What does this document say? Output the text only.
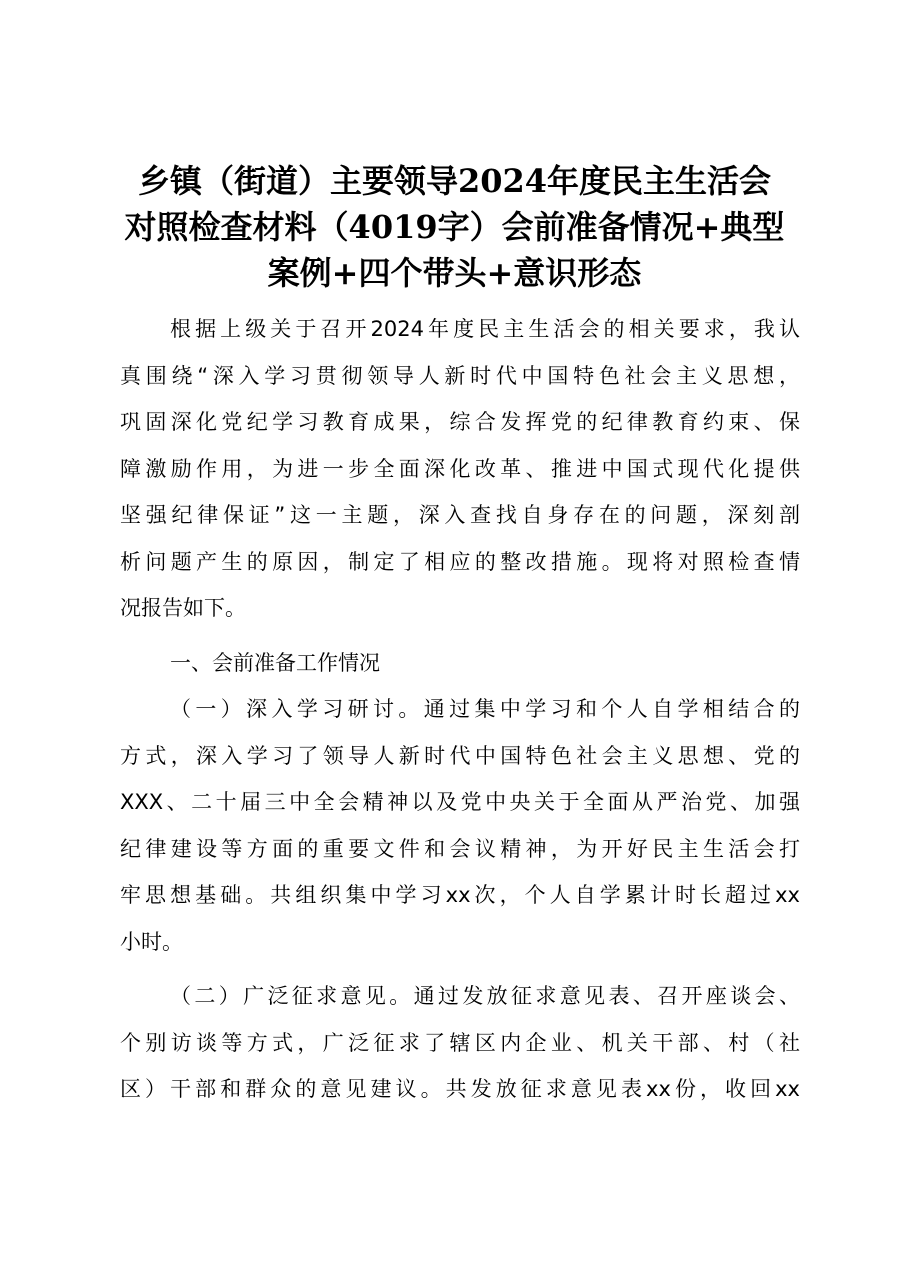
乡镇（街道）主要领导2024年度民主生活会
对照检查材料（4019字）会前准备情况+典型
案例+四个带头+意识形态

根据上级关于召开2024年度民主生活会的相关要求，我认
真围绕“深入学习贯彻领导人新时代中国特色社会主义思想，
巩固深化党纪学习教育成果，综合发挥党的纪律教育约束、保
障激励作用，为进一步全面深化改革、推进中国式现代化提供
坚强纪律保证”这一主题，深入查找自身存在的问题，深刻剖
析问题产生的原因，制定了相应的整改措施。现将对照检查情
况报告如下。

一、会前准备工作情况

（一）深入学习研讨。通过集中学习和个人自学相结合的
方式，深入学习了领导人新时代中国特色社会主义思想、党的
XXX、二十届三中全会精神以及党中央关于全面从严治党、加强
纪律建设等方面的重要文件和会议精神，为开好民主生活会打
牢思想基础。共组织集中学习xx次，个人自学累计时长超过xx
小时。

（二）广泛征求意见。通过发放征求意见表、召开座谈会、
个别访谈等方式，广泛征求了辖区内企业、机关干部、村（社
区）干部和群众的意见建议。共发放征求意见表xx份，收回xx
